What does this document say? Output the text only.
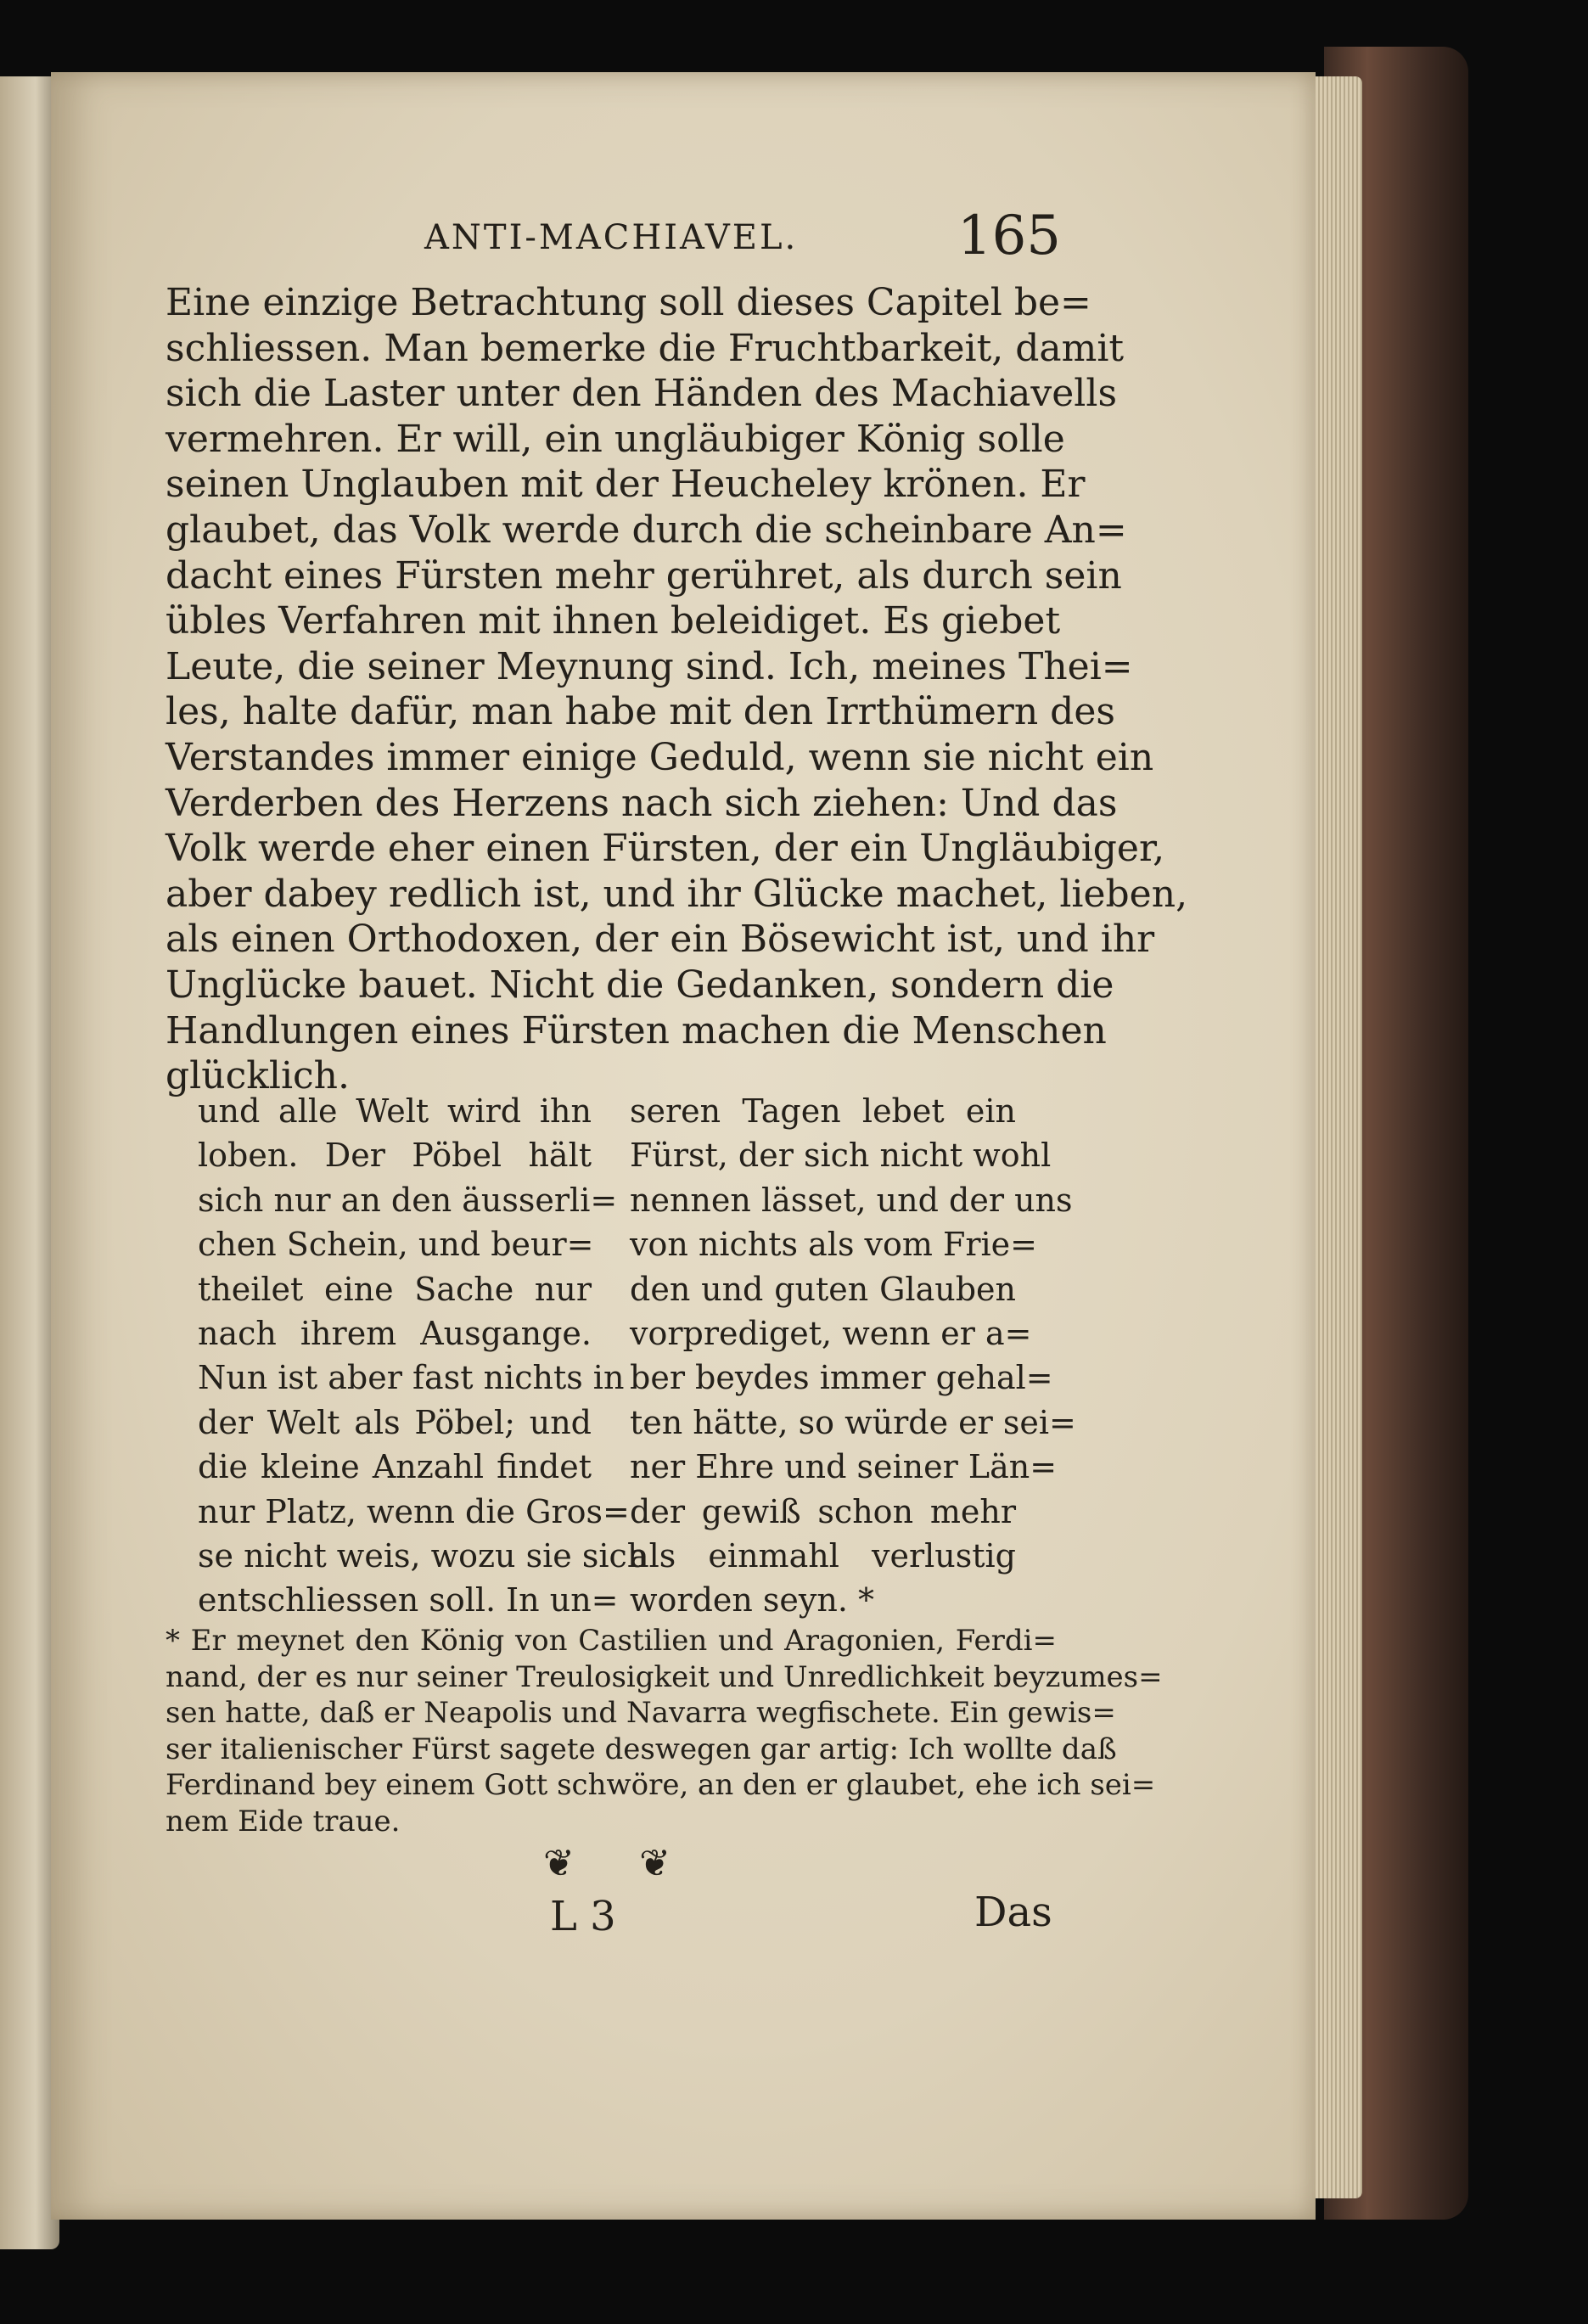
ANTI-MACHIAVEL.	165
Eine einzige Betrachtung soll dieses Capitel be=
schliessen. Man bemerke die Fruchtbarkeit, damit
sich die Laster unter den Händen des Machiavells
vermehren. Er will, ein ungläubiger König solle
seinen Unglauben mit der Heucheley krönen. Er
glaubet, das Volk werde durch die scheinbare An=
dacht eines Fürsten mehr gerühret, als durch sein
übles Verfahren mit ihnen beleidiget. Es giebet
Leute, die seiner Meynung sind. Ich, meines Thei=
les, halte dafür, man habe mit den Irrthümern des
Verstandes immer einige Geduld, wenn sie nicht ein
Verderben des Herzens nach sich ziehen: Und das
Volk werde eher einen Fürsten, der ein Ungläubiger,
aber dabey redlich ist, und ihr Glücke machet, lieben,
als einen Orthodoxen, der ein Bösewicht ist, und ihr
Unglücke bauet. Nicht die Gedanken, sondern die
Handlungen eines Fürsten machen die Menschen
glücklich.
und alle Welt wird ihn
loben. Der Pöbel hält
sich nur an den äusserli=
chen Schein, und beur=
theilet eine Sache nur
nach ihrem Ausgange.
Nun ist aber fast nichts in
der Welt als Pöbel; und
die kleine Anzahl findet
nur Platz, wenn die Gros=
se nicht weis, wozu sie sich
entschliessen soll. In un=
seren Tagen lebet ein
Fürst, der sich nicht wohl
nennen lässet, und der uns
von nichts als vom Frie=
den und guten Glauben
vorprediget, wenn er a=
ber beydes immer gehal=
ten hätte, so würde er sei=
ner Ehre und seiner Län=
der gewiß schon mehr
als einmahl verlustig
worden seyn. *
* Er meynet den König von Castilien und Aragonien, Ferdi=
nand, der es nur seiner Treulosigkeit und Unredlichkeit beyzumes=
sen hatte, daß er Neapolis und Navarra wegfischete. Ein gewis=
ser italienischer Fürst sagete deswegen gar artig: Ich wollte daß
Ferdinand bey einem Gott schwöre, an den er glaubet, ehe ich sei=
nem Eide traue.
❦ ❦
L 3	Das
